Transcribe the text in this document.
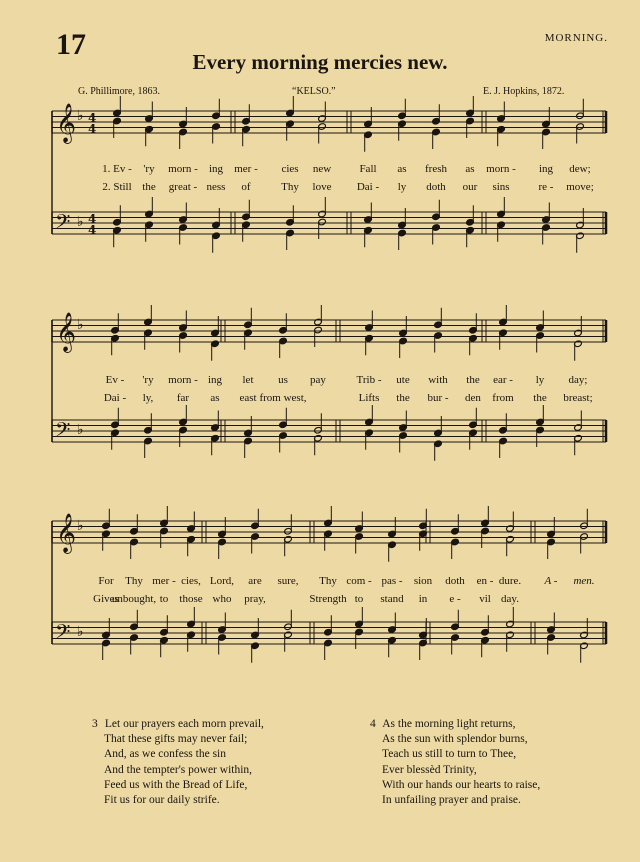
17	MORNING.
Every morning mercies new.
G. Phillimore, 1863.	“KELSO.”	E. J. Hopkins, 1872.
𝄞 ♭ 4
4
𝄢 ♭ 4
4
𝄞 ♭
𝄢 ♭
𝄞 ♭
𝄢 ♭
1. Ev - 'ry morn - ing mer - cies new	Fall as fresh as morn - ing dew;
2. Still the great - ness of	Thy love Dai - ly doth our sins	re - move;
Ev - 'ry morn - ing let us pay	Trib - ute with the ear - ly day;
Dai - ly, far as east from west,	Lifts the bur - den from the breast;
For Thy mer - cies, Lord, are sure, Thy com - pas - sion doth en - dure. A - men.
Gives
unbought, to those who pray,	Strength to stand in e - vil day.
3 Let our prayers each morn prevail,
That these gifts may never fail;
And, as we confess the sin
And the tempter's power within,
Feed us with the Bread of Life,
Fit us for our daily strife.
4 As the morning light returns,
As the sun with splendor burns,
Teach us still to turn to Thee,
Ever blessèd Trinity,
With our hands our hearts to raise,
In unfailing prayer and praise.
